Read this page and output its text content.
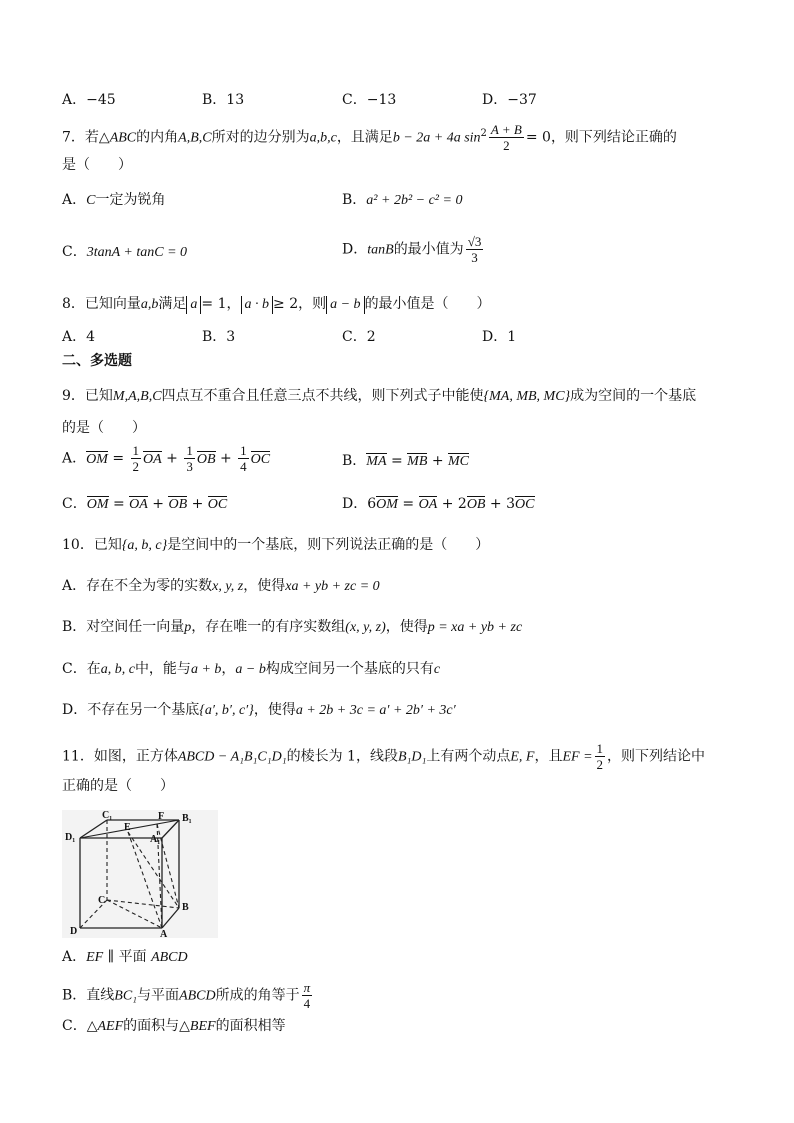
A．−45	B．13	C．−13	D．−37
7．若△ABC的内角A,B,C所对的边分别为a,b,c，且满足b − 2a + 4a $\sin^2 \frac{A + B}{2} = 0$，则下列结论正确的
是（　　）
A．C一定为锐角	B．a² + 2b² − c² = 0
C．3tanA + tanC = 0	D．tanB的最小值为 $\frac{√3}{3}$
8．已知向量a,b满足 a = 1， a · b ≥ 2，则 a − b 的最小值是（　　）
A．4	B．3	C．2	D．1
二、多选题
9．已知M,A,B,C四点互不重合且任意三点不共线，则下列式子中能使{MA, MB, MC}成为空间的一个基底
的是（　　）
A．OM = $\frac{1}{2}$ OA + $\frac{1}{3}$ OB + $\frac{1}{4}$ OC	B．MA = MB + MC
C．OM = OA + OB + OC	D．6OM = OA + 2OB + 3OC
10．已知{a, b, c}是空间中的一个基底，则下列说法正确的是（　　）
A．存在不全为零的实数x, y, z，使得xa + yb + zc = 0
B．对空间任一向量p，存在唯一的有序实数组(x, y, z)，使得p = xa + yb + zc
C．在a, b, c中，能与a + b，a − b构成空间另一个基底的只有c
D．不存在另一个基底{a′, b′, c′}，使得a + 2b + 3c = a′ + 2b′ + 3c′
11．如图，正方体ABCD − A₁B₁C₁D₁的棱长为 1，线段B₁D₁上有两个动点E, F，且EF = $\frac{1}{2}$ ，则下列结论中
正确的是（　　）
C₁	F B₁
E
A₁
D₁
C
B
D	A
A．EF ∥ 平面 ABCD
B．直线BC₁与平面ABCD所成的角等于 $\frac{\pi}{4}$
C．△AEF的面积与△BEF的面积相等
